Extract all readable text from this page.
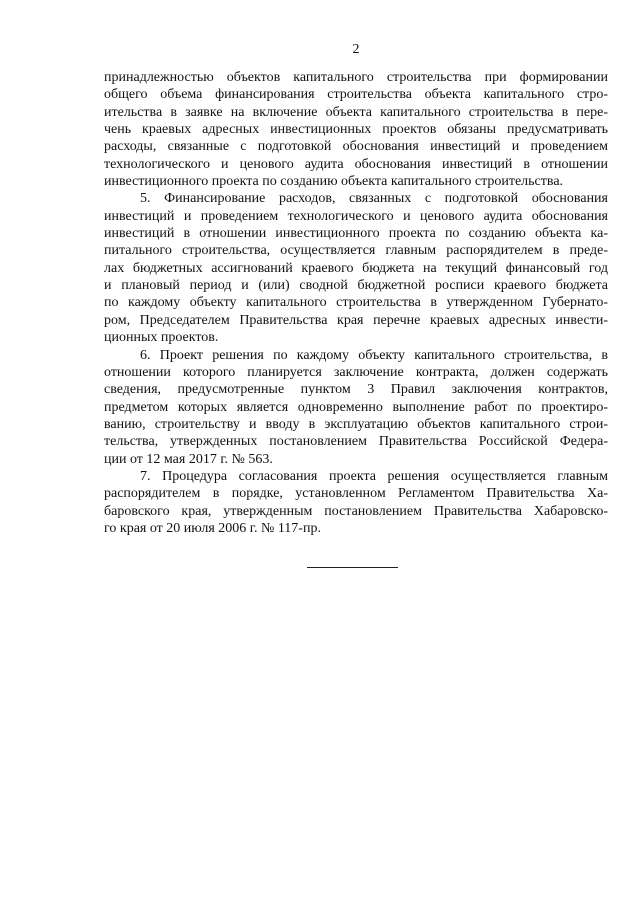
2
принадлежностью объектов капитального строительства при формировании
общего объема финансирования строительства объекта капитального стро-
ительства в заявке на включение объекта капитального строительства в пере-
чень краевых адресных инвестиционных проектов обязаны предусматривать
расходы, связанные с подготовкой обоснования инвестиций и проведением
технологического и ценового аудита обоснования инвестиций в отношении
инвестиционного проекта по созданию объекта капитального строительства.
5. Финансирование расходов, связанных с подготовкой обоснования
инвестиций и проведением технологического и ценового аудита обоснования
инвестиций в отношении инвестиционного проекта по созданию объекта ка-
питального строительства, осуществляется главным распорядителем в преде-
лах бюджетных ассигнований краевого бюджета на текущий финансовый год
и плановый период и (или) сводной бюджетной росписи краевого бюджета
по каждому объекту капитального строительства в утвержденном Губернато-
ром, Председателем Правительства края перечне краевых адресных инвести-
ционных проектов.
6. Проект решения по каждому объекту капитального строительства, в
отношении которого планируется заключение контракта, должен содержать
сведения, предусмотренные пунктом 3 Правил заключения контрактов,
предметом которых является одновременно выполнение работ по проектиро-
ванию, строительству и вводу в эксплуатацию объектов капитального строи-
тельства, утвержденных постановлением Правительства Российской Федера-
ции от 12 мая 2017 г. № 563.
7. Процедура согласования проекта решения осуществляется главным
распорядителем в порядке, установленном Регламентом Правительства Ха-
баровского края, утвержденным постановлением Правительства Хабаровско-
го края от 20 июля 2006 г. № 117-пр.
